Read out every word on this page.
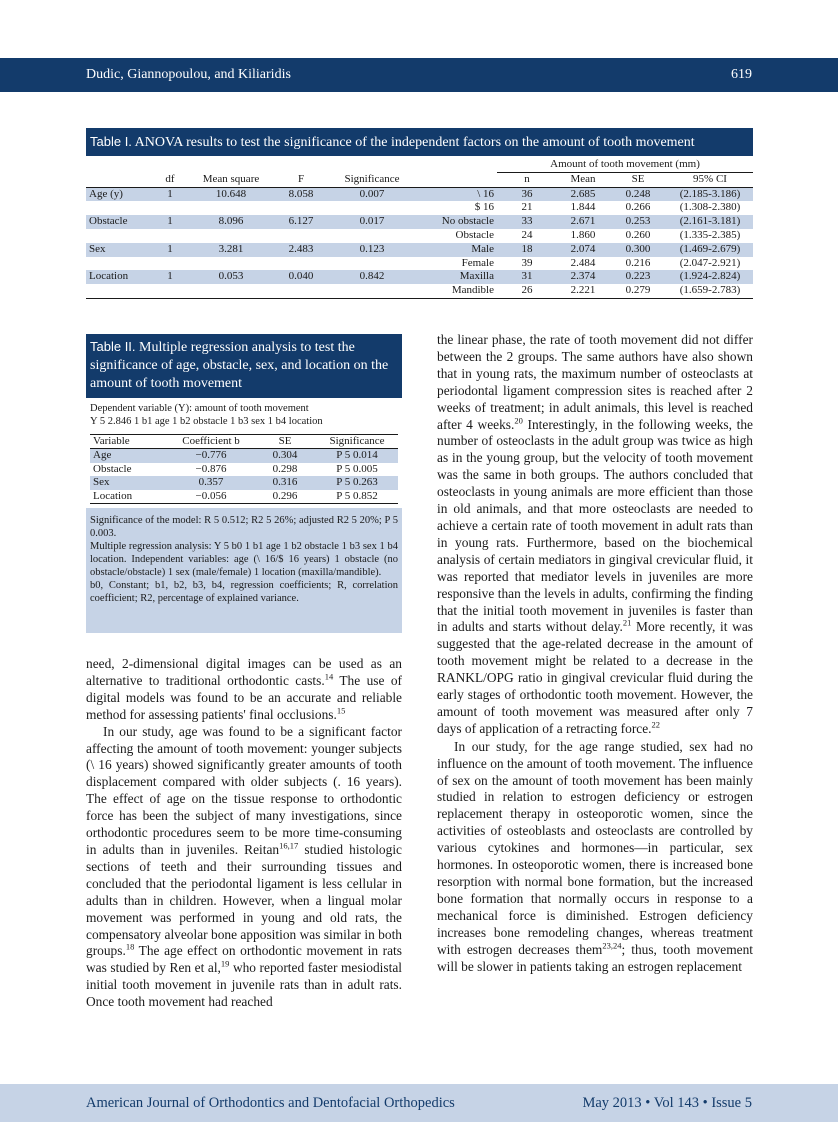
Dudic, Giannopoulou, and Kiliaridis	619
Table I. ANOVA results to test the significance of the independent factors on the amount of tooth movement
						Amount of tooth movement (mm)			
	df	Mean square	F	Significance		n	Mean	SE	95% CI
Age (y)	1	10.648	8.058	0.007	\ 16	36	2.685	0.248	(2.185-3.186)
					$ 16	21	1.844	0.266	(1.308-2.380)
Obstacle	1	8.096	6.127	0.017	No obstacle	33	2.671	0.253	(2.161-3.181)
					Obstacle	24	1.860	0.260	(1.335-2.385)
Sex	1	3.281	2.483	0.123	Male	18	2.074	0.300	(1.469-2.679)
					Female	39	2.484	0.216	(2.047-2.921)
Location	1	0.053	0.040	0.842	Maxilla	31	2.374	0.223	(1.924-2.824)
					Mandible	26	2.221	0.279	(1.659-2.783)
Table II. Multiple regression analysis to test the significance of age, obstacle, sex, and location on the amount of tooth movement
Dependent variable (Y): amount of tooth movement
Y 5 2.846 1 b1 age 1 b2 obstacle 1 b3 sex 1 b4 location
Variable	Coefficient b	SE	Significance
Age	−0.776	0.304	P 5 0.014
Obstacle	−0.876	0.298	P 5 0.005
Sex	0.357	0.316	P 5 0.263
Location	−0.056	0.296	P 5 0.852

Significance of the model: R 5 0.512; R2 5 26%; adjusted R2 5 20%; P 5 0.003.

Multiple regression analysis: Y 5 b0 1 b1 age 1 b2 obstacle 1 b3 sex 1 b4 location. Independent variables: age (\ 16/$ 16 years) 1 obstacle (no obstacle/obstacle) 1 sex (male/female) 1 location (maxilla/mandible).

b0, Constant; b1, b2, b3, b4, regression coefficients; R, correlation coefficient; R2, percentage of explained variance.

need, 2-dimensional digital images can be used as an alternative to traditional orthodontic casts.$^{14}$ The use of digital models was found to be an accurate and reliable method for assessing patients' final occlusions.$^{15}$

In our study, age was found to be a significant factor affecting the amount of tooth movement: younger subjects (\ 16 years) showed significantly greater amounts of tooth displacement compared with older subjects (. 16 years). The effect of age on the tissue response to orthodontic force has been the subject of many investigations, since orthodontic procedures seem to be more time-consuming in adults than in juveniles. Reitan$^{16,17}$ studied histologic sections of teeth and their surrounding tissues and concluded that the periodontal ligament is less cellular in adults than in children. However, when a lingual molar movement was performed in young and old rats, the compensatory alveolar bone apposition was similar in both groups.$^{18}$ The age effect on orthodontic movement in rats was studied by Ren et al,$^{19}$ who reported faster mesiodistal initial tooth movement in juvenile rats than in adult rats. Once tooth movement had reached

the linear phase, the rate of tooth movement did not differ between the 2 groups. The same authors have also shown that in young rats, the maximum number of osteoclasts at periodontal ligament compression sites is reached after 2 weeks of treatment; in adult animals, this level is reached after 4 weeks.$^{20}$ Interestingly, in the following weeks, the number of osteoclasts in the adult group was twice as high as in the young group, but the velocity of tooth movement was the same in both groups. The authors concluded that osteoclasts in young animals are more efficient than those in old animals, and that more osteoclasts are needed to achieve a certain rate of tooth movement in adult rats than in young rats. Furthermore, based on the biochemical analysis of certain mediators in gingival crevicular fluid, it was reported that mediator levels in juveniles are more responsive than the levels in adults, confirming the finding that the initial tooth movement in juveniles is faster than in adults and starts without delay.$^{21}$ More recently, it was suggested that the age-related decrease in the amount of tooth movement might be related to a decrease in the RANKL/OPG ratio in gingival crevicular fluid during the early stages of orthodontic tooth movement. However, the amount of tooth movement was measured after only 7 days of application of a retracting force.$^{22}$

In our study, for the age range studied, sex had no influence on the amount of tooth movement. The influence of sex on the amount of tooth movement has been mainly studied in relation to estrogen deficiency or estrogen replacement therapy in osteoporotic women, since the activities of osteoblasts and osteoclasts are controlled by various cytokines and hormones—in particular, sex hormones. In osteoporotic women, there is increased bone resorption with normal bone formation, but the increased bone formation that normally occurs in response to a mechanical force is diminished. Estrogen deficiency increases bone remodeling changes, whereas treatment with estrogen decreases them$^{23,24}$; thus, tooth movement will be slower in patients taking an estrogen replacement

American Journal of Orthodontics and Dentofacial Orthopedics	May 2013 • Vol 143 • Issue 5
